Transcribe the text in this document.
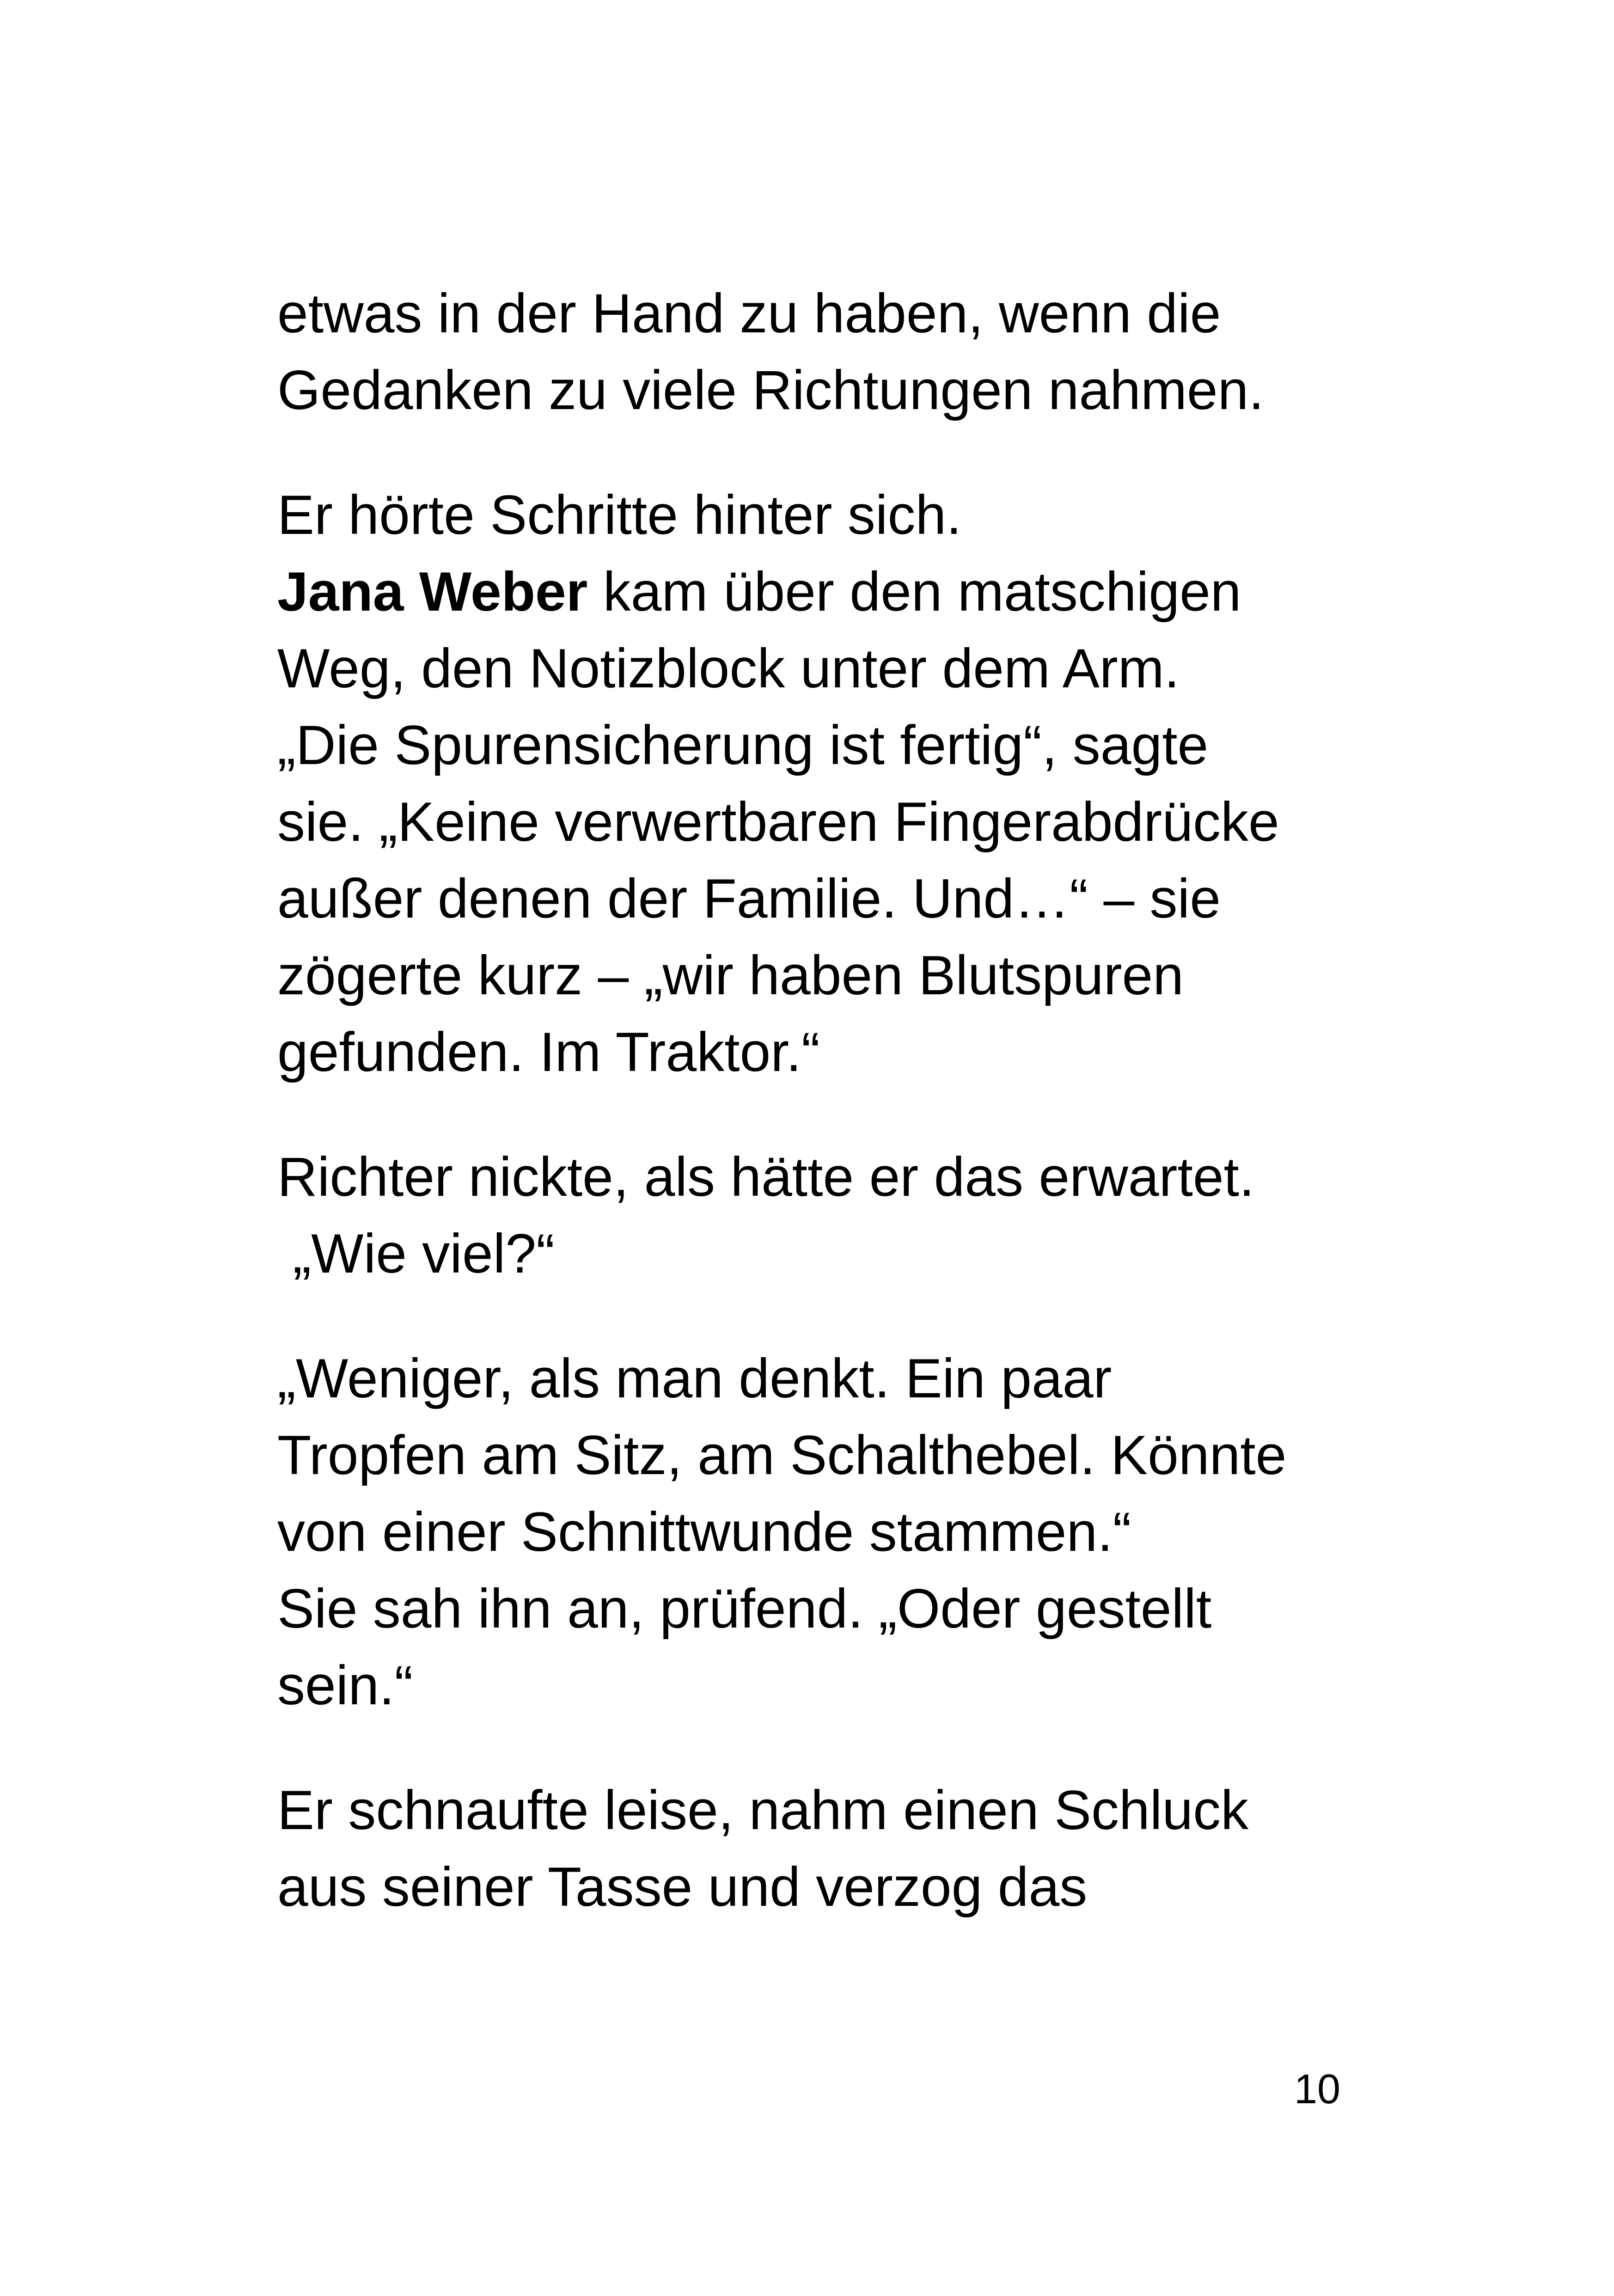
etwas in der Hand zu haben, wenn die
Gedanken zu viele Richtungen nahmen.

Er hörte Schritte hinter sich.
Jana Weber kam über den matschigen
Weg, den Notizblock unter dem Arm.
„Die Spurensicherung ist fertig“, sagte
sie. „Keine verwertbaren Fingerabdrücke
außer denen der Familie. Und…“ – sie
zögerte kurz – „wir haben Blutspuren
gefunden. Im Traktor.“

Richter nickte, als hätte er das erwartet.
„Wie viel?“

„Weniger, als man denkt. Ein paar
Tropfen am Sitz, am Schalthebel. Könnte
von einer Schnittwunde stammen.“
Sie sah ihn an, prüfend. „Oder gestellt
sein.“

Er schnaufte leise, nahm einen Schluck
aus seiner Tasse und verzog das

10
